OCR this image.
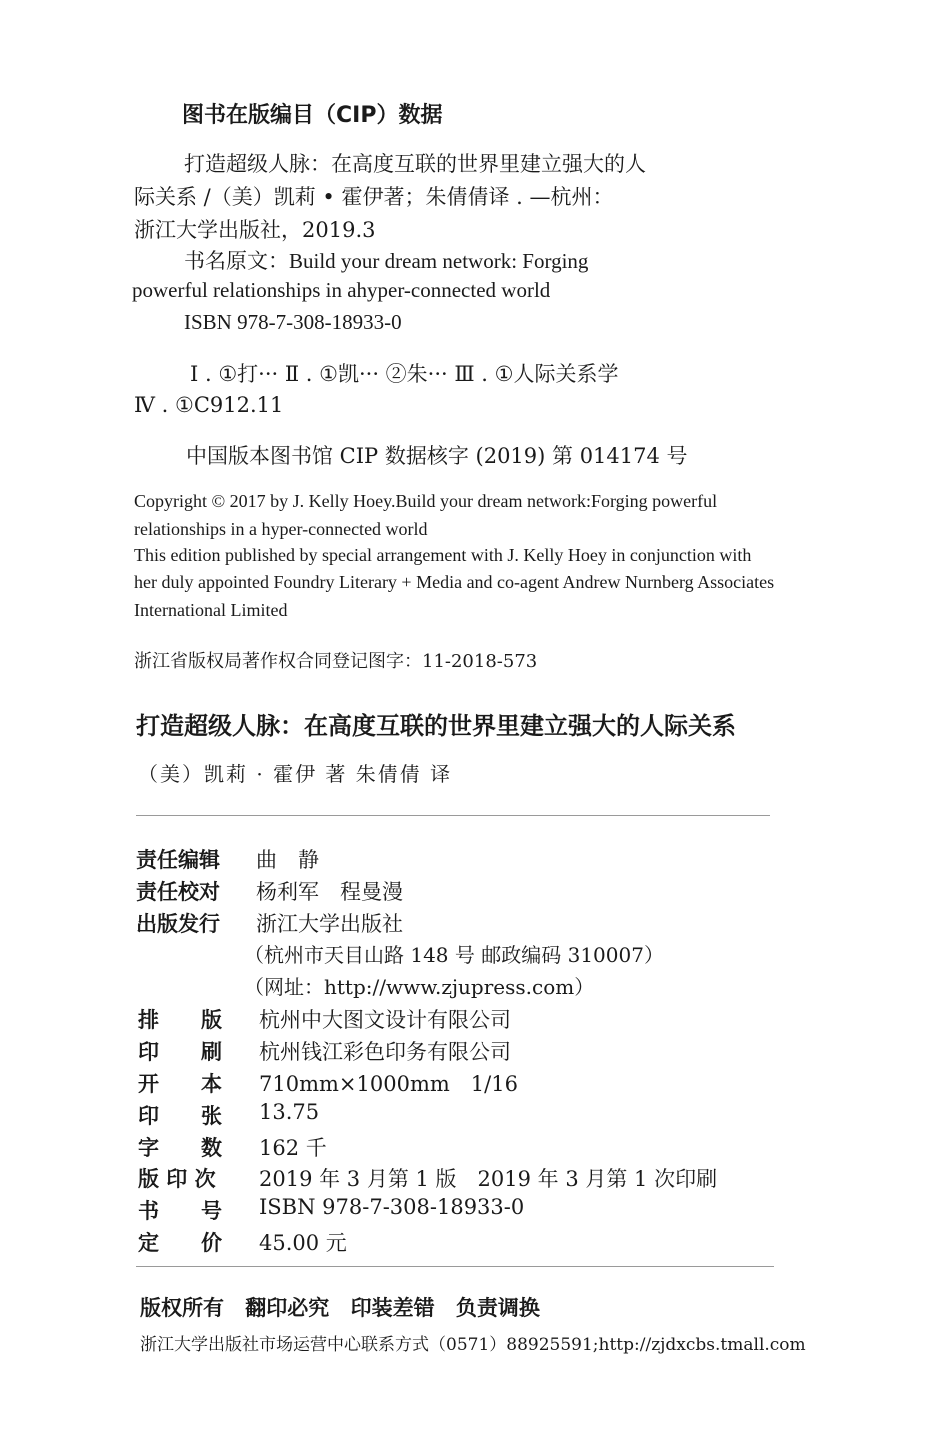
图书在版编目（CIP）数据
打造超级人脉：在高度互联的世界里建立强大的人
际关系 /（美）凯莉 • 霍伊著；朱倩倩译 . —杭州：
浙江大学出版社，2019.3
书名原文：Build your dream network: Forging
powerful relationships in ahyper-connected world
ISBN 978-7-308-18933-0
Ⅰ . ①打··· Ⅱ . ①凯··· ②朱··· Ⅲ . ①人际关系学
Ⅳ . ①C912.11
中国版本图书馆 CIP 数据核字 (2019) 第 014174 号
Copyright © 2017 by J. Kelly Hoey.Build your dream network:Forging powerful
relationships in a hyper-connected world
This edition published by special arrangement with J. Kelly Hoey in conjunction with
her duly appointed Foundry Literary + Media and co-agent Andrew Nurnberg Associates
International Limited
浙江省版权局著作权合同登记图字：11-2018-573
打造超级人脉：在高度互联的世界里建立强大的人际关系
（美）凯莉 · 霍伊 著 朱倩倩 译
责任编辑 曲　静
责任校对 杨利军　程曼漫
出版发行 浙江大学出版社
（杭州市天目山路 148 号 邮政编码 310007）
（网址：http://www.zjupress.com）
排　　版 杭州中大图文设计有限公司
印　　刷 杭州钱江彩色印务有限公司
开　　本 710mm×1000mm　1/16
印　　张 13.75
字　　数 162 千
版 印 次 2019 年 3 月第 1 版　2019 年 3 月第 1 次印刷
书　　号 ISBN 978-7-308-18933-0
定　　价 45.00 元
版权所有 翻印必究 印装差错 负责调换
浙江大学出版社市场运营中心联系方式（0571）88925591;http://zjdxcbs.tmall.com
